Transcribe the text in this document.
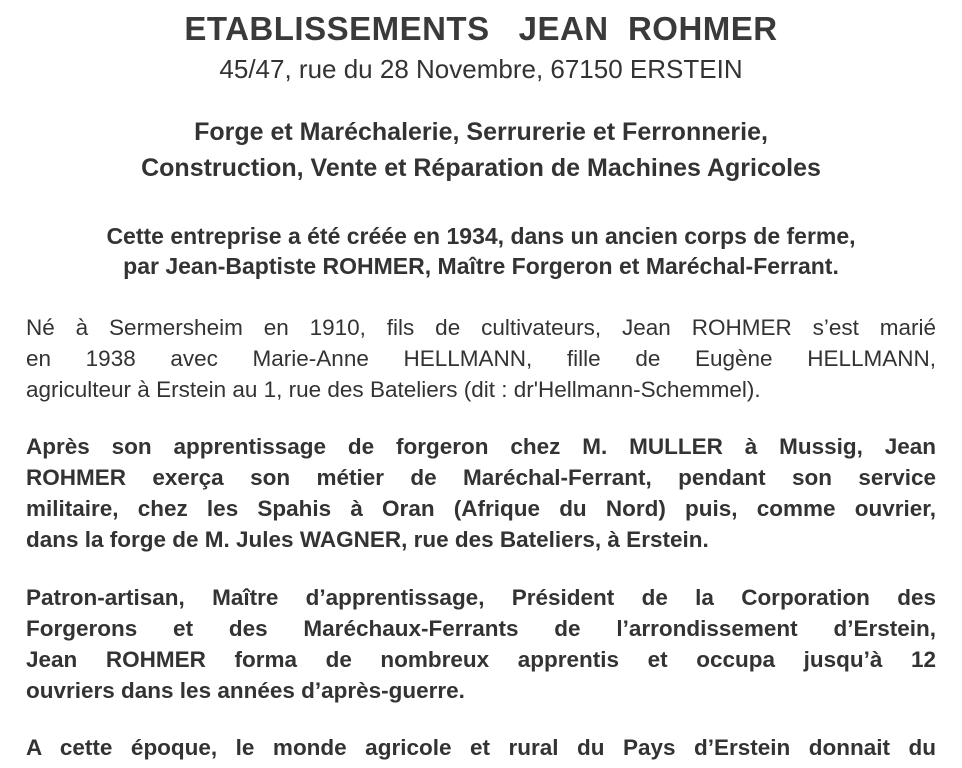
ETABLISSEMENTS   JEAN  ROHMER
45/47, rue du 28 Novembre, 67150 ERSTEIN
Forge et Maréchalerie, Serrurerie et Ferronnerie,
Construction, Vente et Réparation de Machines Agricoles
Cette entreprise a été créée en 1934, dans un ancien corps de ferme,
par Jean-Baptiste ROHMER, Maître Forgeron et Maréchal-Ferrant.
Né à Sermersheim en 1910, fils de cultivateurs, Jean ROHMER s’est marié
en 1938 avec Marie-Anne HELLMANN, fille de Eugène HELLMANN,
agriculteur à Erstein au 1, rue des Bateliers (dit : dr'Hellmann-Schemmel).
Après son apprentissage de forgeron chez M. MULLER à Mussig, Jean
ROHMER exerça son métier de Maréchal-Ferrant, pendant son service
militaire, chez les Spahis à Oran (Afrique du Nord) puis, comme ouvrier,
dans la forge de M. Jules WAGNER, rue des Bateliers, à Erstein.
Patron-artisan, Maître d’apprentissage, Président de la Corporation des
Forgerons et des Maréchaux-Ferrants de l’arrondissement d’Erstein,
Jean ROHMER forma de nombreux apprentis et occupa jusqu’à 12
ouvriers dans les années d’après-guerre.
A cette époque, le monde agricole et rural du Pays d’Erstein donnait du
